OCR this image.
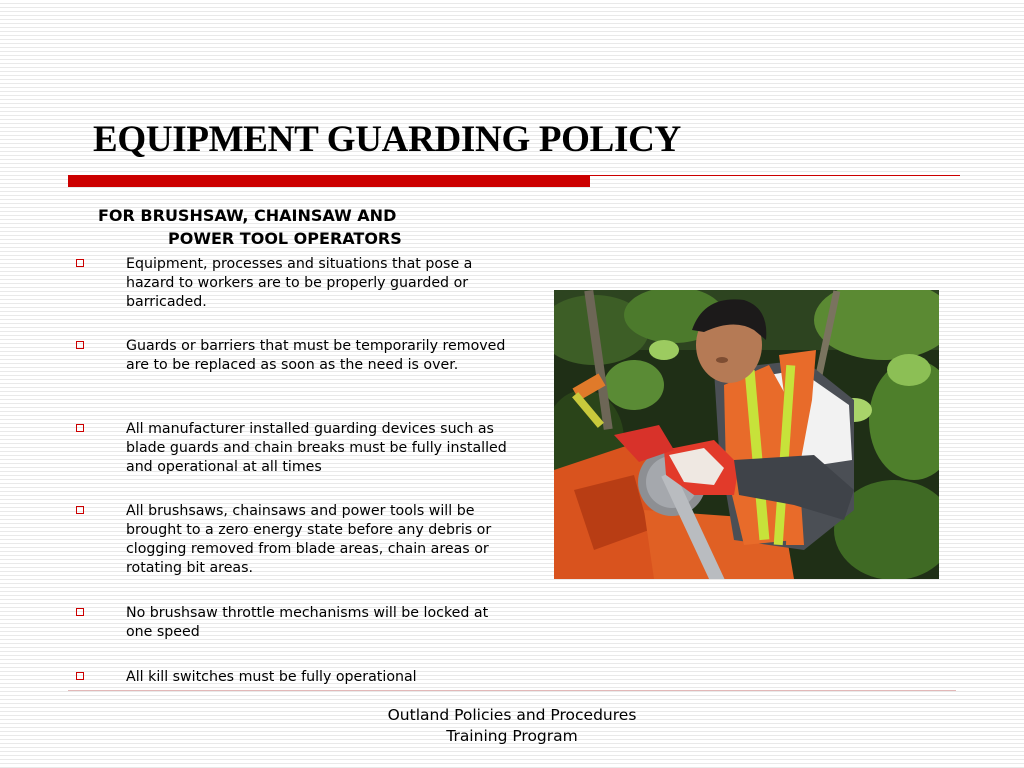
EQUIPMENT GUARDING POLICY
FOR BRUSHSAW, CHAINSAW AND
POWER TOOL OPERATORS
Equipment, processes and situations that pose a hazard to workers are to be properly guarded or barricaded.
Guards or barriers that must be temporarily removed are to be replaced as soon as the need is over.
All manufacturer installed guarding devices such as blade guards and chain breaks must be fully installed and operational at all times
All brushsaws, chainsaws and power tools will be brought to a zero energy state before any debris or clogging removed from blade areas, chain areas or rotating bit areas.
No brushsaw throttle mechanisms will be locked at one speed
All kill switches must be fully operational

Outland Policies and Procedures
Training Program
